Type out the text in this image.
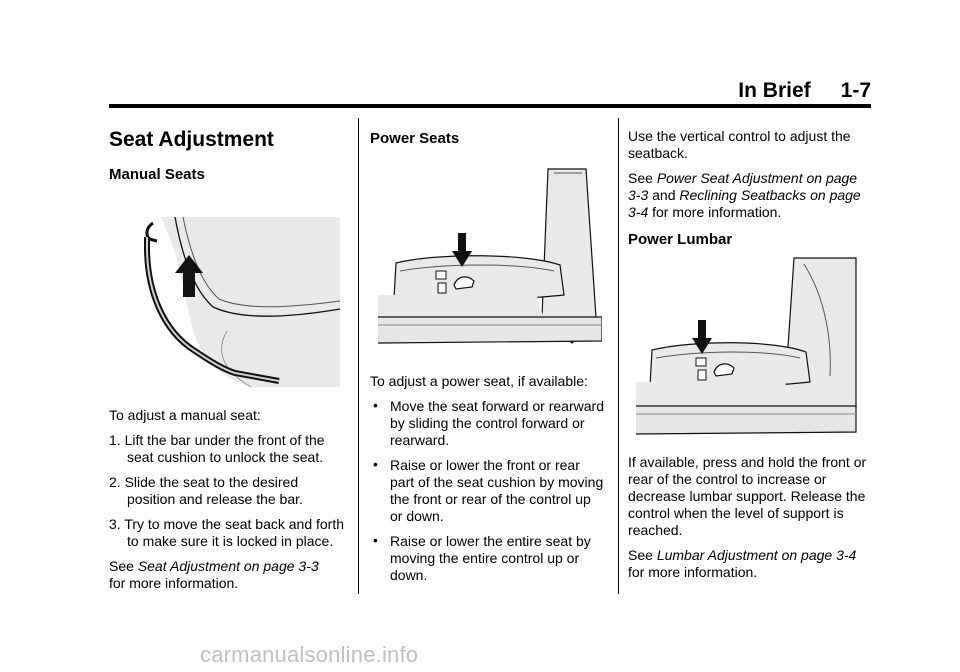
In Brief 1-7
Seat Adjustment
Manual Seats

To adjust a manual seat:

1. Lift the bar under the front of the seat cushion to unlock the seat.
2. Slide the seat to the desired position and release the bar.
3. Try to move the seat back and forth to make sure it is locked in place.

See Seat Adjustment on page 3-3
for more information.

Power Seats

To adjust a power seat, if available:

• Move the seat forward or rearward by sliding the control forward or rearward.
• Raise or lower the front or rear part of the seat cushion by moving the front or rear of the control up or down.
• Raise or lower the entire seat by moving the entire control up or down.

Use the vertical control to adjust the seatback.

See Power Seat Adjustment on page 3-3 and Reclining Seatbacks on page 3-4 for more information.

Power Lumbar

If available, press and hold the front or rear of the control to increase or decrease lumbar support. Release the control when the level of support is reached.

See Lumbar Adjustment on page 3-4 for more information.

carmanualsonline.info
